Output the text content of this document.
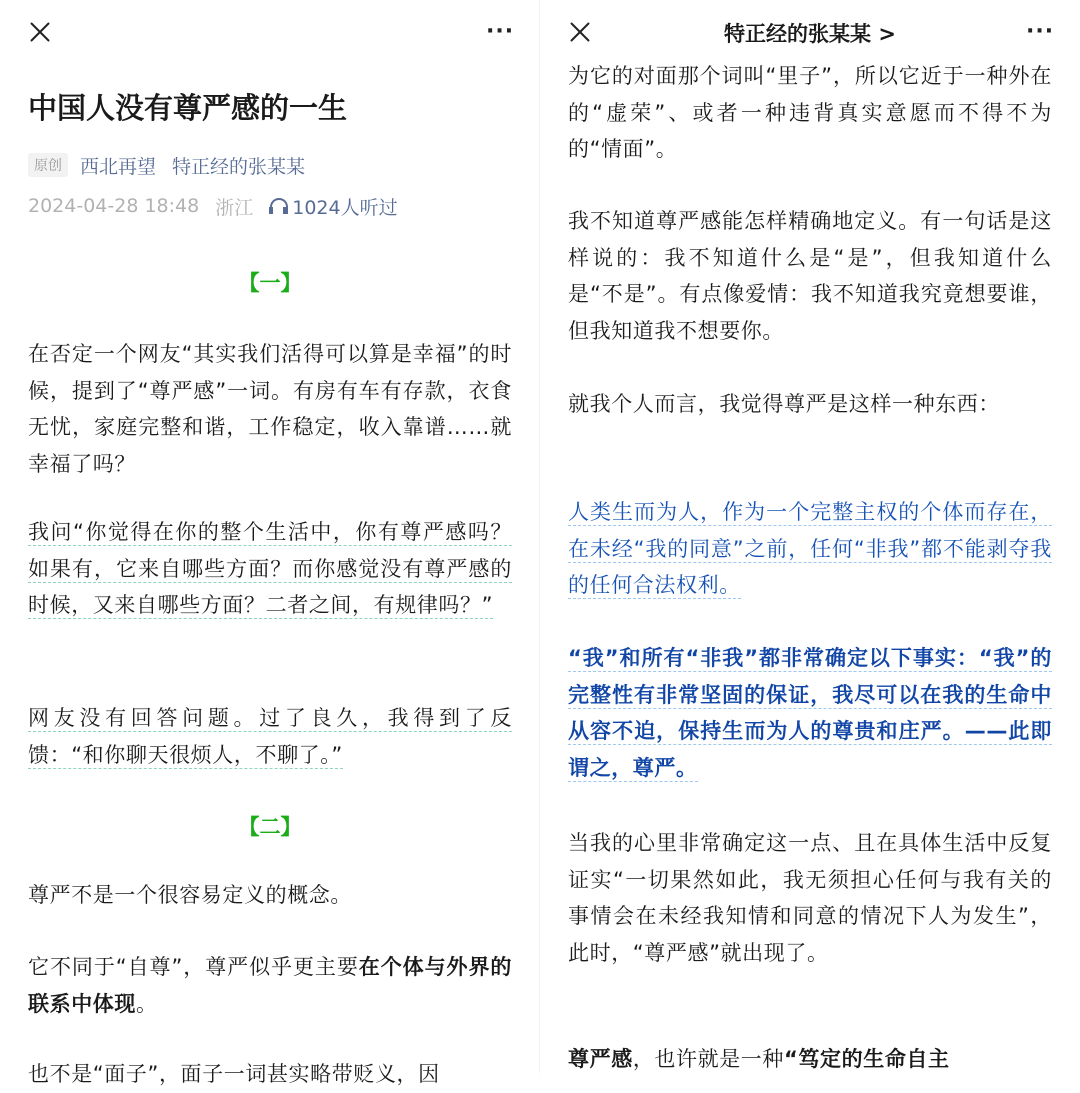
···
中国人没有尊严感的一生
原创 西北再望 特正经的张某某
2024-04-28 18:48 浙江 1024人听过
【一】

在否定一个网友“其实我们活得可以算是幸福”的时候，提到了“尊严感”一词。有房有车有存款，衣食无忧，家庭完整和谐，工作稳定，收入靠谱……就幸福了吗？

我问“你觉得在你的整个生活中，你有尊严感吗？如果有，它来自哪些方面？而你感觉没有尊严感的时候，又来自哪些方面？二者之间，有规律吗？”

网友没有回答问题。过了良久，我得到了反馈：“和你聊天很烦人，不聊了。”

【二】

尊严不是一个很容易定义的概念。

它不同于“自尊”，尊严似乎更主要在个体与外界的联系中体现。

也不是“面子”，面子一词甚实略带贬义，因

特正经的张某某 >	···

为它的对面那个词叫“里子”，所以它近于一种外在的“虚荣”、或者一种违背真实意愿而不得不为的“情面”。

我不知道尊严感能怎样精确地定义。有一句话是这样说的：我不知道什么是“是”，但我知道什么是“不是”。有点像爱情：我不知道我究竟想要谁，但我知道我不想要你。

就我个人而言，我觉得尊严是这样一种东西：

人类生而为人，作为一个完整主权的个体而存在，在未经“我的同意”之前，任何“非我”都不能剥夺我的任何合法权利。

“我”和所有“非我”都非常确定以下事实：“我”的完整性有非常坚固的保证，我尽可以在我的生命中从容不迫，保持生而为人的尊贵和庄严。——此即谓之，尊严。

当我的心里非常确定这一点、且在具体生活中反复证实“一切果然如此，我无须担心任何与我有关的事情会在未经我知情和同意的情况下人为发生”，此时，“尊严感”就出现了。

尊严感，也许就是一种“笃定的生命自主
